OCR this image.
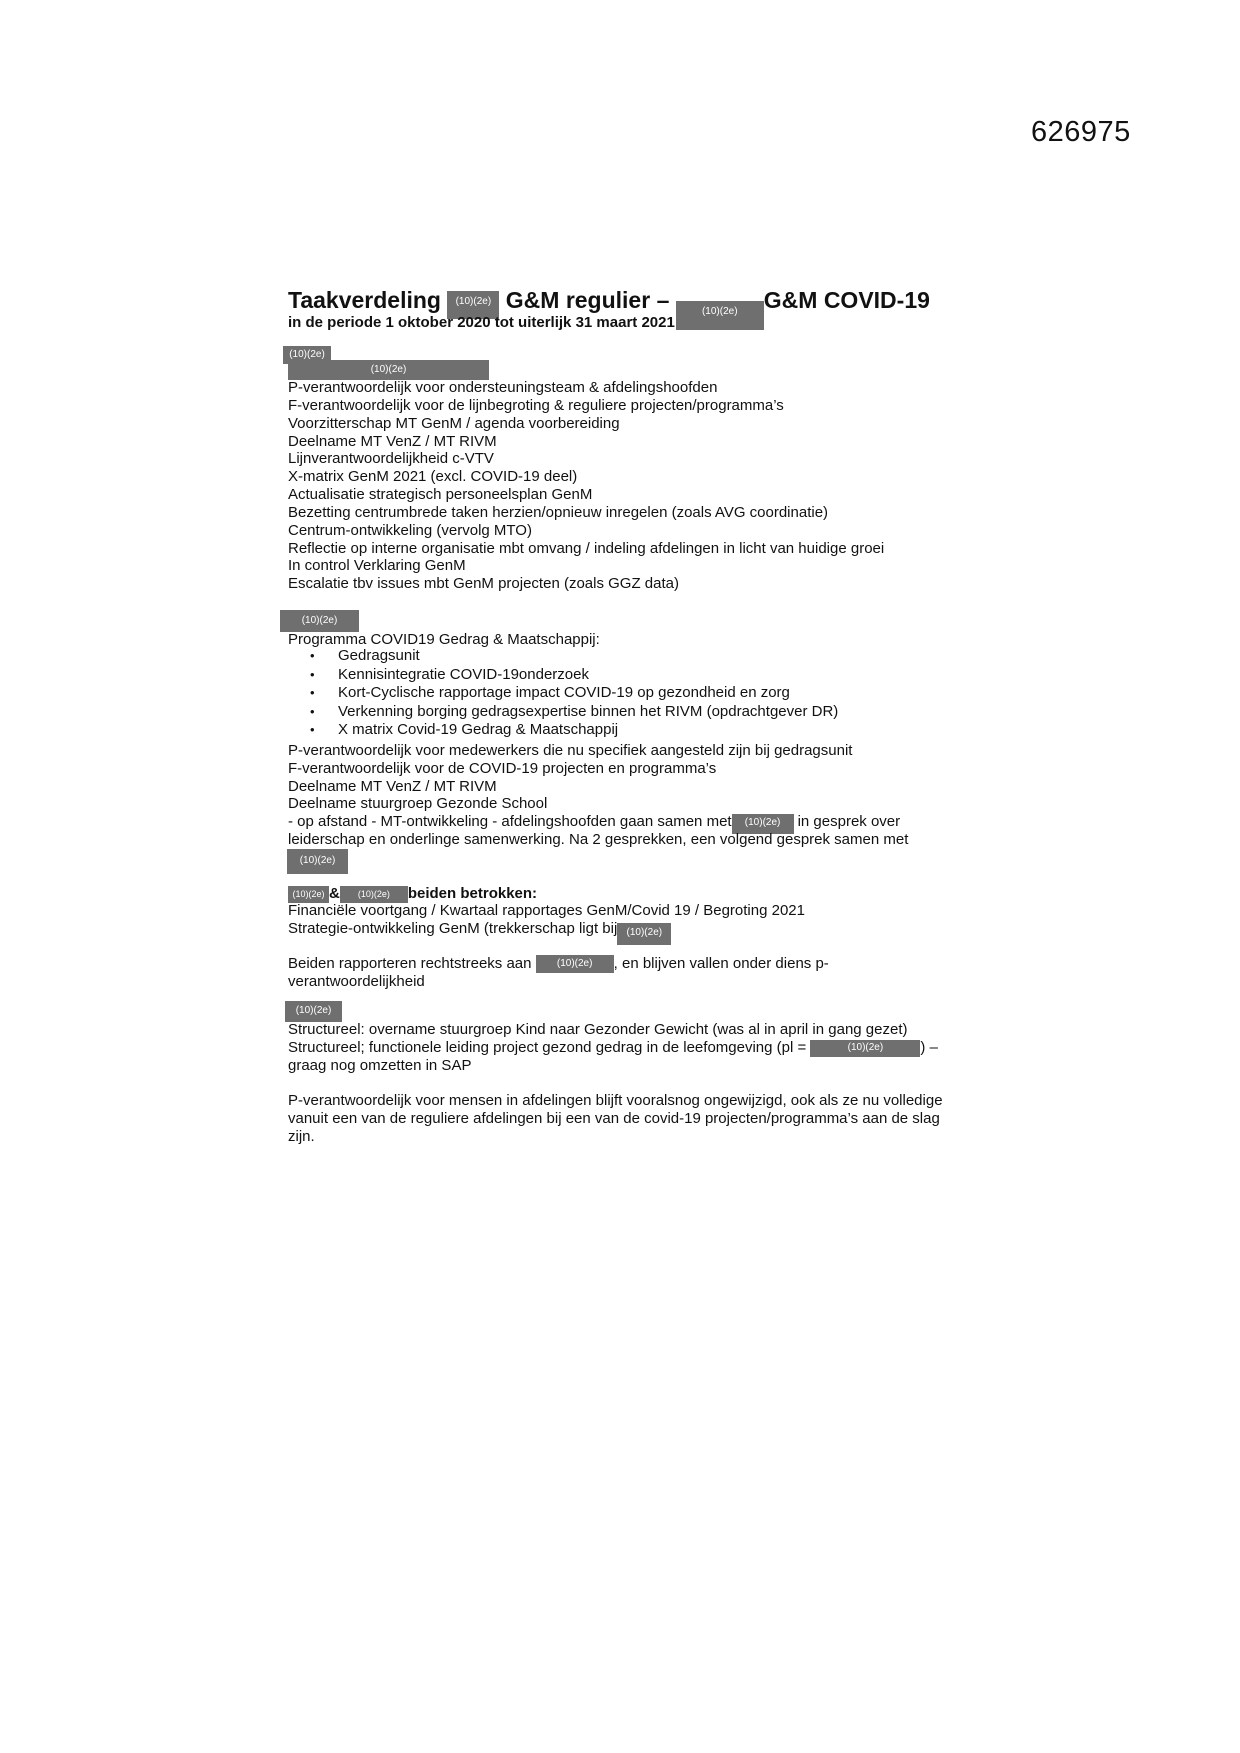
626975
Taakverdeling (10)(2e) G&M regulier –	(10)(2e) G&M COVID-19
in de periode 1 oktober 2020 tot uiterlijk 31 maart 2021
(10)(2e)
(10)(2e)
P-verantwoordelijk voor ondersteuningsteam & afdelingshoofden
F-verantwoordelijk voor de lijnbegroting & reguliere projecten/programma’s
Voorzitterschap MT GenM / agenda voorbereiding
Deelname MT VenZ / MT RIVM
Lijnverantwoordelijkheid c-VTV
X-matrix GenM 2021 (excl. COVID-19 deel)
Actualisatie strategisch personeelsplan GenM
Bezetting centrumbrede taken herzien/opnieuw inregelen (zoals AVG coordinatie)
Centrum-ontwikkeling (vervolg MTO)
Reflectie op interne organisatie mbt omvang / indeling afdelingen in licht van huidige groei
In control Verklaring GenM
Escalatie tbv issues mbt GenM projecten (zoals GGZ data)
(10)(2e)
Programma COVID19 Gedrag & Maatschappij:
• Gedragsunit
• Kennisintegratie COVID-19onderzoek
• Kort-Cyclische rapportage impact COVID-19 op gezondheid en zorg
• Verkenning borging gedragsexpertise binnen het RIVM (opdrachtgever DR)
• X matrix Covid-19 Gedrag & Maatschappij
P-verantwoordelijk voor medewerkers die nu specifiek aangesteld zijn bij gedragsunit
F-verantwoordelijk voor de COVID-19 projecten en programma’s
Deelname MT VenZ / MT RIVM
Deelname stuurgroep Gezonde School
- op afstand - MT-ontwikkeling - afdelingshoofden gaan samen met (10)(2e) in gesprek over
leiderschap en onderlinge samenwerking. Na 2 gesprekken, een volgend gesprek samen met
(10)(2e)
(10)(2e) & (10)(2e) beiden betrokken:
Financiële voortgang / Kwartaal rapportages GenM/Covid 19 / Begroting 2021
Strategie-ontwikkeling GenM (trekkerschap ligt bij (10)(2e)
Beiden rapporteren rechtstreeks aan	(10)(2e) , en blijven vallen onder diens p-
verantwoordelijkheid
(10)(2e)
Structureel: overname stuurgroep Kind naar Gezonder Gewicht (was al in april in gang gezet)
Structureel; functionele leiding project gezond gedrag in de leefomgeving (pl =	(10)(2e) ) –
graag nog omzetten in SAP
P-verantwoordelijk voor mensen in afdelingen blijft vooralsnog ongewijzigd, ook als ze nu volledige
vanuit een van de reguliere afdelingen bij een van de covid-19 projecten/programma’s aan de slag
zijn.
